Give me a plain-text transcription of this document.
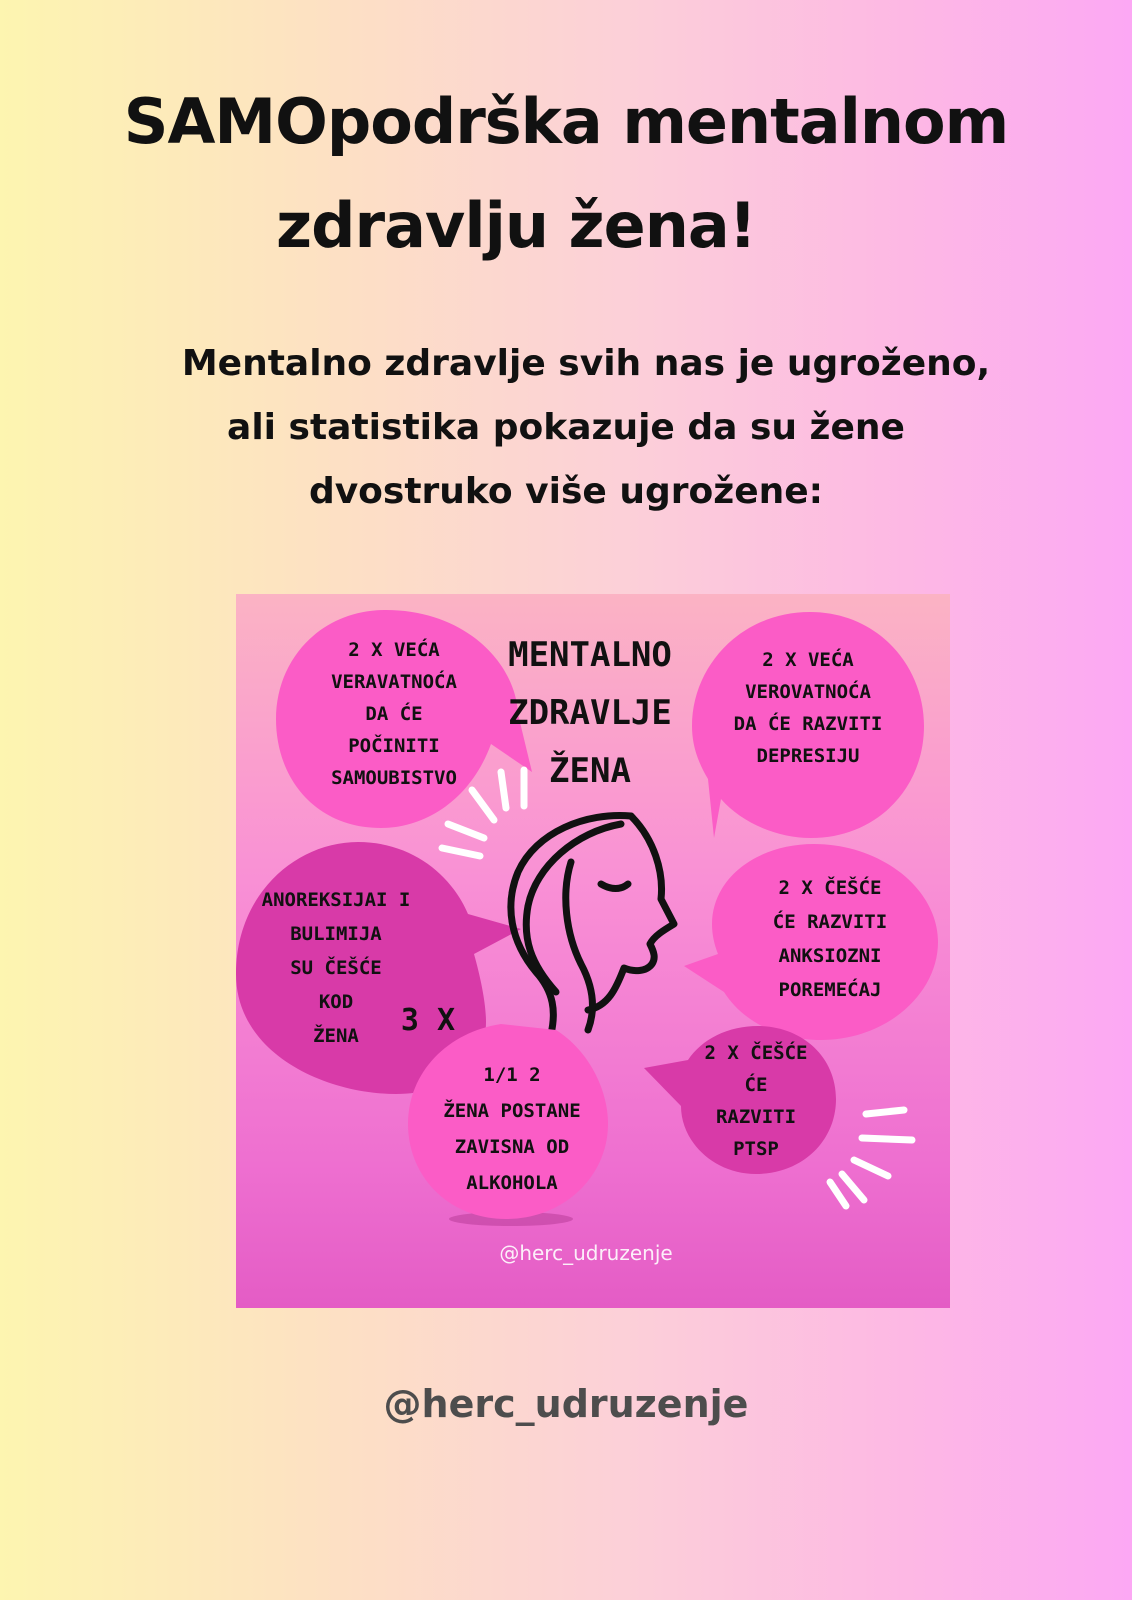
SAMOpodrška mentalnom
zdravlju žena!

Mentalno zdravlje svih nas je ugroženo,
ali statistika pokazuje da su žene
dvostruko više ugrožene:

2 X VEĆA
VERAVATNOĆA
DA ĆE
POČINITI
SAMOUBISTVO
MENTALNO
ZDRAVLJE
ŽENA
2 X VEĆA
VEROVATNOĆA
DA ĆE RAZVITI
DEPRESIJU
ANOREKSIJAI I
BULIMIJA
SU ČEŠĆE
KOD
ŽENA 3 X
2 X ČEŠĆE
ĆE RAZVITI
ANKSIOZNI
POREMEĆAJ
1/1 2
ŽENA POSTANE
ZAVISNA OD
ALKOHOLA
2 X ČEŠĆE
ĆE
RAZVITI
PTSP
@herc_udruzenje
@herc_udruzenje
